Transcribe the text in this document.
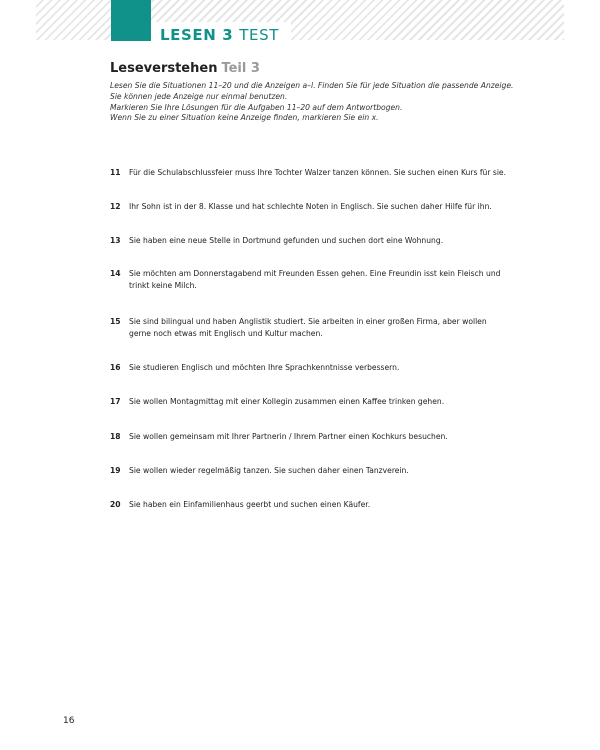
LESEN 3 TEST
Leseverstehen Teil 3
Lesen Sie die Situationen 11–20 und die Anzeigen a–l. Finden Sie für jede Situation die passende Anzeige.
Sie können jede Anzeige nur einmal benutzen.
Markieren Sie Ihre Lösungen für die Aufgaben 11–20 auf dem Antwortbogen.
Wenn Sie zu einer Situation keine Anzeige finden, markieren Sie ein x.
11	Für die Schulabschlussfeier muss Ihre Tochter Walzer tanzen können. Sie suchen einen Kurs für sie.
12	Ihr Sohn ist in der 8. Klasse und hat schlechte Noten in Englisch. Sie suchen daher Hilfe für ihn.
13	Sie haben eine neue Stelle in Dortmund gefunden und suchen dort eine Wohnung.
14	Sie möchten am Donnerstagabend mit Freunden Essen gehen. Eine Freundin isst kein Fleisch und
trinkt keine Milch.
15	Sie sind bilingual und haben Anglistik studiert. Sie arbeiten in einer großen Firma, aber wollen
gerne noch etwas mit Englisch und Kultur machen.
16	Sie studieren Englisch und möchten Ihre Sprachkenntnisse verbessern.
17	Sie wollen Montagmittag mit einer Kollegin zusammen einen Kaffee trinken gehen.
18	Sie wollen gemeinsam mit Ihrer Partnerin / Ihrem Partner einen Kochkurs besuchen.
19	Sie wollen wieder regelmäßig tanzen. Sie suchen daher einen Tanzverein.
20	Sie haben ein Einfamilienhaus geerbt und suchen einen Käufer.
16
